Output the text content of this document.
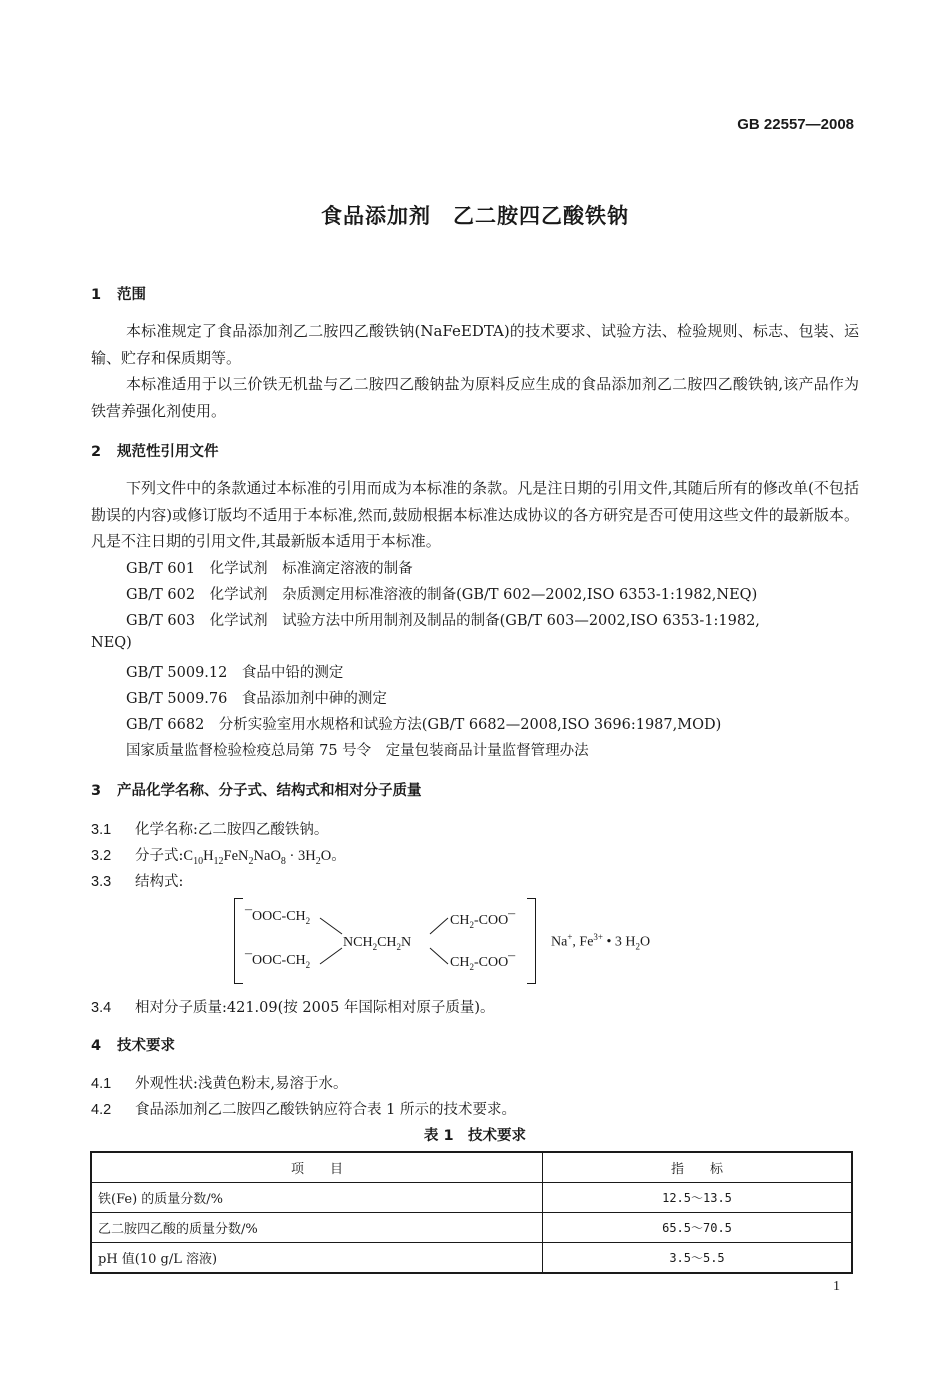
GB 22557—2008
食品添加剂　乙二胺四乙酸铁钠
1 范围
本标准规定了食品添加剂乙二胺四乙酸铁钠(NaFeEDTA)的技术要求、试验方法、检验规则、标志、包装、运输、贮存和保质期等。
本标准适用于以三价铁无机盐与乙二胺四乙酸钠盐为原料反应生成的食品添加剂乙二胺四乙酸铁钠,该产品作为铁营养强化剂使用。
2 规范性引用文件
下列文件中的条款通过本标准的引用而成为本标准的条款。凡是注日期的引用文件,其随后所有的修改单(不包括勘误的内容)或修订版均不适用于本标准,然而,鼓励根据本标准达成协议的各方研究是否可使用这些文件的最新版本。凡是不注日期的引用文件,其最新版本适用于本标准。
GB/T 601　化学试剂　标准滴定溶液的制备
GB/T 602　化学试剂　杂质测定用标准溶液的制备(GB/T 602—2002,ISO 6353-1:1982,NEQ)
GB/T 603　化学试剂　试验方法中所用制剂及制品的制备(GB/T 603—2002,ISO 6353-1:1982,
NEQ)
GB/T 5009.12　食品中铅的测定
GB/T 5009.76　食品添加剂中砷的测定
GB/T 6682　分析实验室用水规格和试验方法(GB/T 6682—2008,ISO 3696:1987,MOD)
国家质量监督检验检疫总局第 75 号令　定量包装商品计量监督管理办法
3 产品化学名称、分子式、结构式和相对分子质量
3.1 化学名称:乙二胺四乙酸铁钠。
3.2 分子式$:C_{10}H_{12}FeN_2NaO_8 \cdot 3H_2O$。
3.3 结构式:
$¯OOC-CH_2$
$¯OOC-CH_2$
$NCH_2CH_2N$
$CH_2-COO¯$
$CH_2-COO¯$
Na+, $Fe^{3+}$ • 3 $H_2O$
3.4 相对分子质量:421.09(按 2005 年国际相对原子质量)。
4 技术要求
4.1 外观性状:浅黄色粉末,易溶于水。
4.2 食品添加剂乙二胺四乙酸铁钠应符合表 1 所示的技术要求。
表 1　技术要求
项　　目	指　　标
铁(Fe) 的质量分数/%	12.5～13.5
乙二胺四乙酸的质量分数/%	65.5～70.5
pH 值(10 g/L 溶液)	3.5～5.5
1
